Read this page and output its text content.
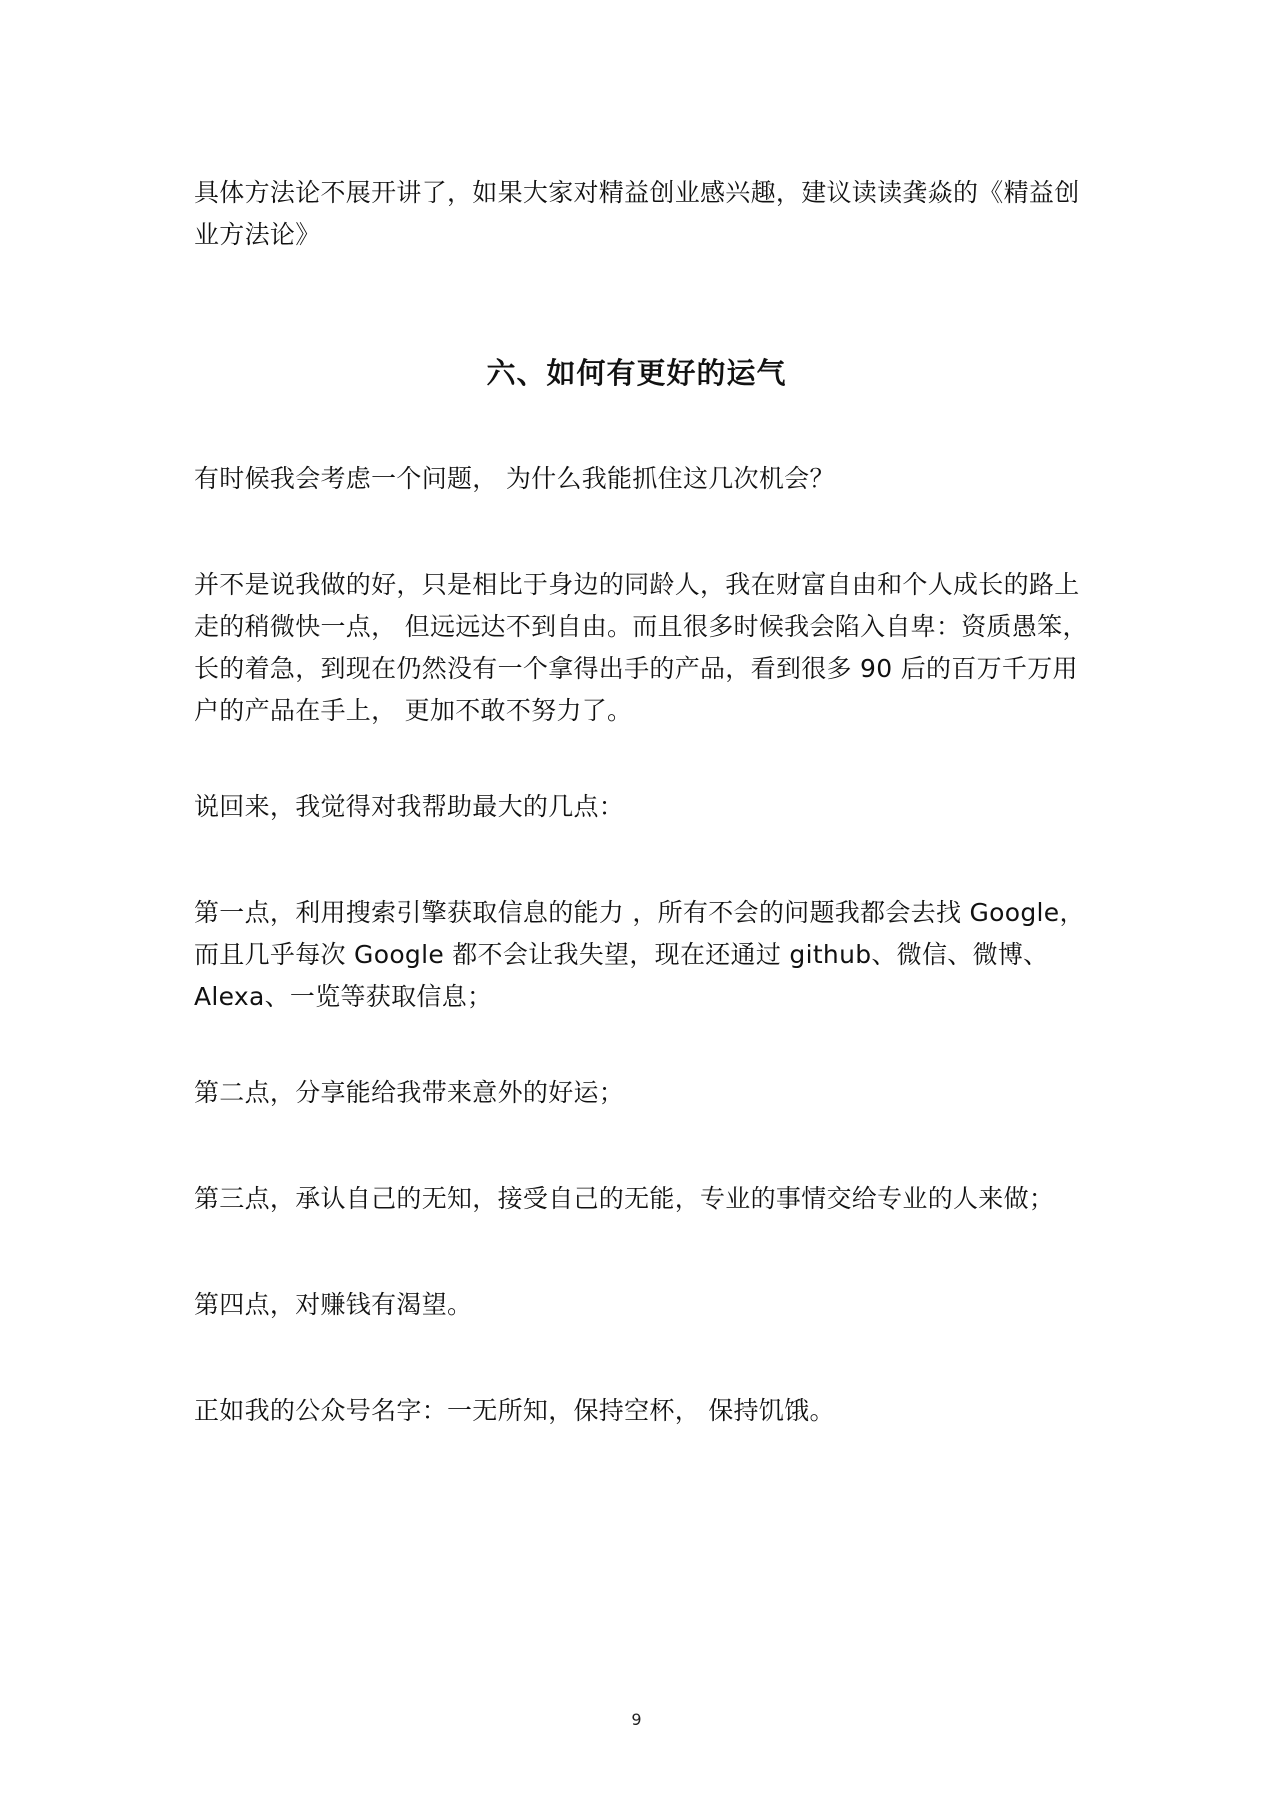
具体方法论不展开讲了，如果大家对精益创业感兴趣，建议读读龚焱的《精益创业方法论》

六、如何有更好的运气

有时候我会考虑一个问题， 为什么我能抓住这几次机会？

并不是说我做的好，只是相比于身边的同龄人，我在财富自由和个人成长的路上走的稍微快一点， 但远远达不到自由。而且很多时候我会陷入自卑：资质愚笨，长的着急，到现在仍然没有一个拿得出手的产品，看到很多 90 后的百万千万用户的产品在手上， 更加不敢不努力了。

说回来，我觉得对我帮助最大的几点：

第一点，利用搜索引擎获取信息的能力 ，所有不会的问题我都会去找 Google，而且几乎每次 Google 都不会让我失望，现在还通过 github、微信、微博、Alexa、一览等获取信息；

第二点，分享能给我带来意外的好运；

第三点，承认自己的无知，接受自己的无能，专业的事情交给专业的人来做；

第四点，对赚钱有渴望。

正如我的公众号名字：一无所知，保持空杯， 保持饥饿。

9
